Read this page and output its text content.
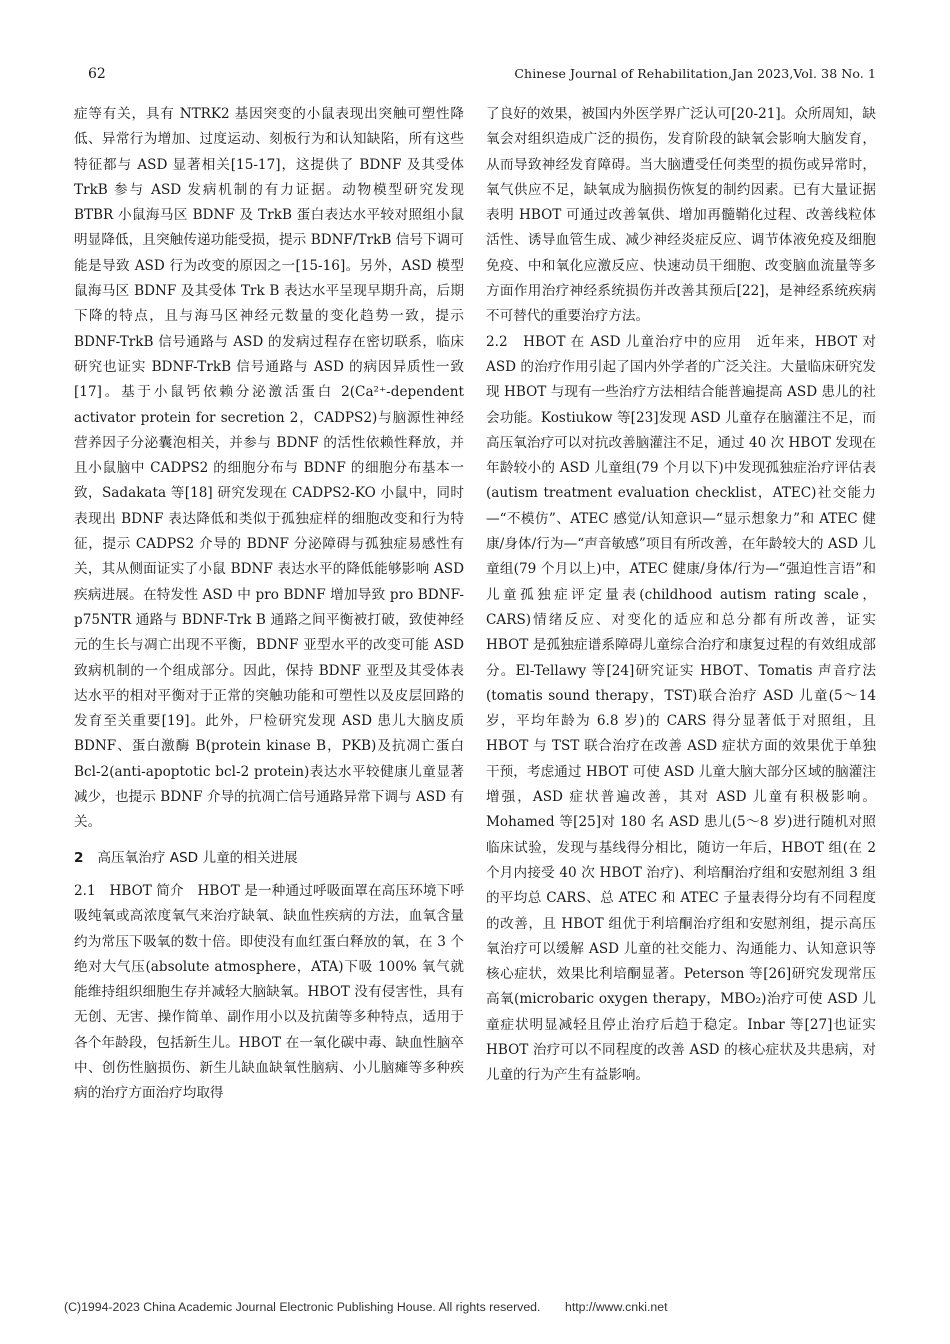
62	Chinese Journal of Rehabilitation,Jan 2023,Vol. 38 No. 1

症等有关，具有 NTRK2 基因突变的小鼠表现出突触可塑性降低、异常行为增加、过度运动、刻板行为和认知缺陷，所有这些特征都与 ASD 显著相关[15-17]，这提供了 BDNF 及其受体 TrkB 参与 ASD 发病机制的有力证据。动物模型研究发现 BTBR 小鼠海马区 BDNF 及 TrkB 蛋白表达水平较对照组小鼠明显降低，且突触传递功能受损，提示 BDNF/TrkB 信号下调可能是导致 ASD 行为改变的原因之一[15-16]。另外，ASD 模型鼠海马区 BDNF 及其受体 Trk B 表达水平呈现早期升高，后期下降的特点，且与海马区神经元数量的变化趋势一致，提示 BDNF-TrkB 信号通路与 ASD 的发病过程存在密切联系，临床研究也证实 BDNF-TrkB 信号通路与 ASD 的病因异质性一致[17]。基于小鼠钙依赖分泌激活蛋白 2(Ca²⁺-dependent activator protein for secretion 2，CADPS2)与脑源性神经营养因子分泌囊泡相关，并参与 BDNF 的活性依赖性释放，并且小鼠脑中 CADPS2 的细胞分布与 BDNF 的细胞分布基本一致，Sadakata 等[18] 研究发现在 CADPS2-KO 小鼠中，同时表现出 BDNF 表达降低和类似于孤独症样的细胞改变和行为特征，提示 CADPS2 介导的 BDNF 分泌障碍与孤独症易感性有关，其从侧面证实了小鼠 BDNF 表达水平的降低能够影响 ASD 疾病进展。在特发性 ASD 中 pro BDNF 增加导致 pro BDNF-p75NTR 通路与 BDNF-Trk B 通路之间平衡被打破，致使神经元的生长与凋亡出现不平衡，BDNF 亚型水平的改变可能 ASD 致病机制的一个组成部分。因此，保持 BDNF 亚型及其受体表达水平的相对平衡对于正常的突触功能和可塑性以及皮层回路的发育至关重要[19]。此外，尸检研究发现 ASD 患儿大脑皮质 BDNF、蛋白激酶 B(protein kinase B，PKB)及抗凋亡蛋白 Bcl-2(anti-apoptotic bcl-2 protein)表达水平较健康儿童显著减少，也提示 BDNF 介导的抗凋亡信号通路异常下调与 ASD 有关。

2 高压氧治疗 ASD 儿童的相关进展

2.1　HBOT 简介　HBOT 是一种通过呼吸面罩在高压环境下呼吸纯氧或高浓度氧气来治疗缺氧、缺血性疾病的方法，血氧含量约为常压下吸氧的数十倍。即使没有血红蛋白释放的氧，在 3 个绝对大气压(absolute atmosphere，ATA)下吸 100% 氧气就能维持组织细胞生存并减轻大脑缺氧。HBOT 没有侵害性，具有无创、无害、操作简单、副作用小以及抗菌等多种特点，适用于各个年龄段，包括新生儿。HBOT 在一氧化碳中毒、缺血性脑卒中、创伤性脑损伤、新生儿缺血缺氧性脑病、小儿脑瘫等多种疾病的治疗方面治疗均取得

了良好的效果，被国内外医学界广泛认可[20-21]。众所周知，缺氧会对组织造成广泛的损伤，发育阶段的缺氧会影响大脑发育，从而导致神经发育障碍。当大脑遭受任何类型的损伤或异常时，氧气供应不足，缺氧成为脑损伤恢复的制约因素。已有大量证据表明 HBOT 可通过改善氧供、增加再髓鞘化过程、改善线粒体活性、诱导血管生成、减少神经炎症反应、调节体液免疫及细胞免疫、中和氧化应激反应、快速动员干细胞、改变脑血流量等多方面作用治疗神经系统损伤并改善其预后[22]，是神经系统疾病不可替代的重要治疗方法。

2.2　HBOT 在 ASD 儿童治疗中的应用　近年来，HBOT 对 ASD 的治疗作用引起了国内外学者的广泛关注。大量临床研究发现 HBOT 与现有一些治疗方法相结合能普遍提高 ASD 患儿的社会功能。Kostiukow 等[23]发现 ASD 儿童存在脑灌注不足，而高压氧治疗可以对抗改善脑灌注不足，通过 40 次 HBOT 发现在年龄较小的 ASD 儿童组(79 个月以下)中发现孤独症治疗评估表(autism treatment evaluation checklist，ATEC)社交能力—“不模仿”、ATEC 感觉/认知意识—“显示想象力”和 ATEC 健康/身体/行为—“声音敏感”项目有所改善，在年龄较大的 ASD 儿童组(79 个月以上)中，ATEC 健康/身体/行为—“强迫性言语”和儿童孤独症评定量表(childhood autism rating scale，CARS)情绪反应、对变化的适应和总分都有所改善，证实 HBOT 是孤独症谱系障碍儿童综合治疗和康复过程的有效组成部分。El-Tellawy 等[24]研究证实 HBOT、Tomatis 声音疗法(tomatis sound therapy，TST)联合治疗 ASD 儿童(5～14 岁，平均年龄为 6.8 岁)的 CARS 得分显著低于对照组，且 HBOT 与 TST 联合治疗在改善 ASD 症状方面的效果优于单独干预，考虑通过 HBOT 可使 ASD 儿童大脑大部分区域的脑灌注增强，ASD 症状普遍改善，其对 ASD 儿童有积极影响。Mohamed 等[25]对 180 名 ASD 患儿(5～8 岁)进行随机对照临床试验，发现与基线得分相比，随访一年后，HBOT 组(在 2 个月内接受 40 次 HBOT 治疗)、利培酮治疗组和安慰剂组 3 组的平均总 CARS、总 ATEC 和 ATEC 子量表得分均有不同程度的改善，且 HBOT 组优于利培酮治疗组和安慰剂组，提示高压氧治疗可以缓解 ASD 儿童的社交能力、沟通能力、认知意识等核心症状，效果比利培酮显著。Peterson 等[26]研究发现常压高氧(microbaric oxygen therapy，MBO₂)治疗可使 ASD 儿童症状明显减轻且停止治疗后趋于稳定。Inbar 等[27]也证实 HBOT 治疗可以不同程度的改善 ASD 的核心症状及共患病，对儿童的行为产生有益影响。

(C)1994-2023 China Academic Journal Electronic Publishing House. All rights reserved.　　http://www.cnki.net
